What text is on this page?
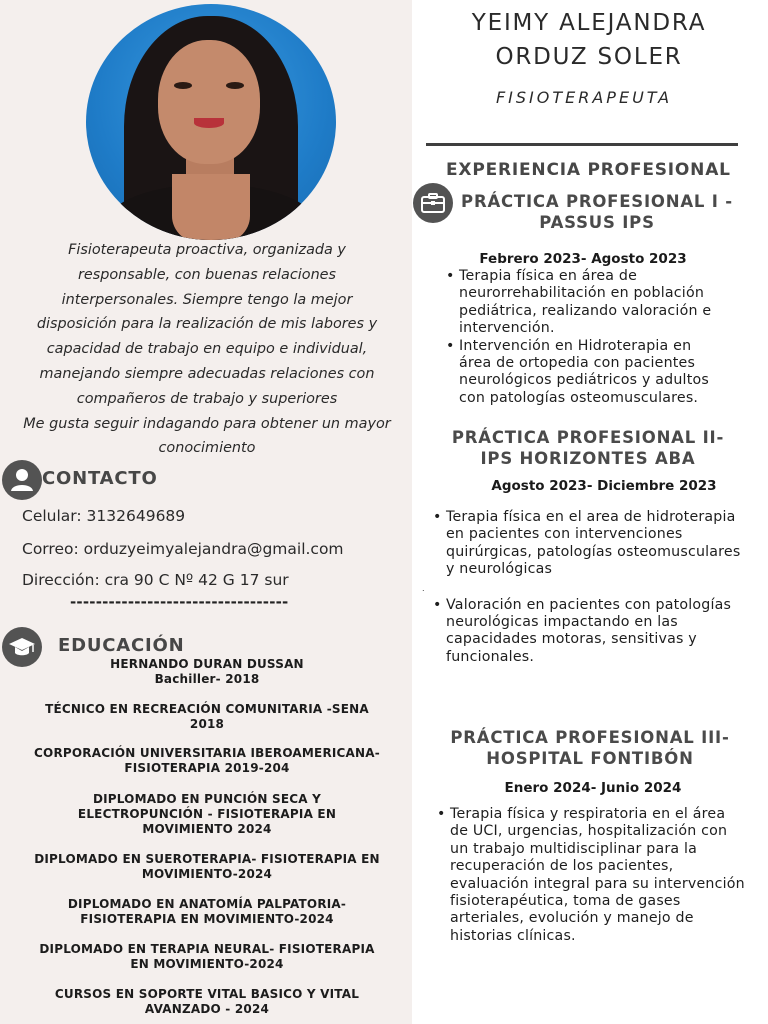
Fisioterapeuta proactiva, organizada y
responsable, con buenas relaciones
interpersonales. Siempre tengo la mejor
disposición para la realización de mis labores y
capacidad de trabajo en equipo e individual,
manejando siempre adecuadas relaciones con
compañeros de trabajo y superiores
Me gusta seguir indagando para obtener un mayor
conocimiento
CONTACTO
Celular: 3132649689
Correo: orduzyeimyalejandra@gmail.com
Dirección: cra 90 C Nº 42 G 17 sur
----------------------------------
EDUCACIÓN
HERNANDO DURAN DUSSAN
Bachiller- 2018
TÉCNICO EN RECREACIÓN COMUNITARIA -SENA
2018
CORPORACIÓN UNIVERSITARIA IBEROAMERICANA-
FISIOTERAPIA 2019-204
DIPLOMADO EN PUNCIÓN SECA Y
ELECTROPUNCIÓN - FISIOTERAPIA EN
MOVIMIENTO 2024
DIPLOMADO EN SUEROTERAPIA- FISIOTERAPIA EN
MOVIMIENTO-2024
DIPLOMADO EN ANATOMÍA PALPATORIA-
FISIOTERAPIA EN MOVIMIENTO-2024
DIPLOMADO EN TERAPIA NEURAL- FISIOTERAPIA
EN MOVIMIENTO-2024
CURSOS EN SOPORTE VITAL BASICO Y VITAL
AVANZADO - 2024
YEIMY ALEJANDRA
ORDUZ SOLER
FISIOTERAPEUTA
EXPERIENCIA PROFESIONAL
PRÁCTICA PROFESIONAL I -
PASSUS IPS
Febrero 2023- Agosto 2023
• Terapia física en área de
neurorrehabilitación en población
pediátrica, realizando valoración e
intervención.
• Intervención en Hidroterapia en
área de ortopedia con pacientes
neurológicos pediátricos y adultos
con patologías osteomusculares.
PRÁCTICA PROFESIONAL II-
IPS HORIZONTES ABA
Agosto 2023- Diciembre 2023
• Terapia física en el area de hidroterapia
en pacientes con intervenciones
quirúrgicas, patologías osteomusculares
y neurológicas
• Valoración en pacientes con patologías
neurológicas impactando en las
capacidades motoras, sensitivas y
funcionales.
.
PRÁCTICA PROFESIONAL III-
HOSPITAL FONTIBÓN
Enero 2024- Junio 2024
• Terapia física y respiratoria en el área
de UCI, urgencias, hospitalización con
un trabajo multidisciplinar para la
recuperación de los pacientes,
evaluación integral para su intervención
fisioterapéutica, toma de gases
arteriales, evolución y manejo de
historias clínicas.
